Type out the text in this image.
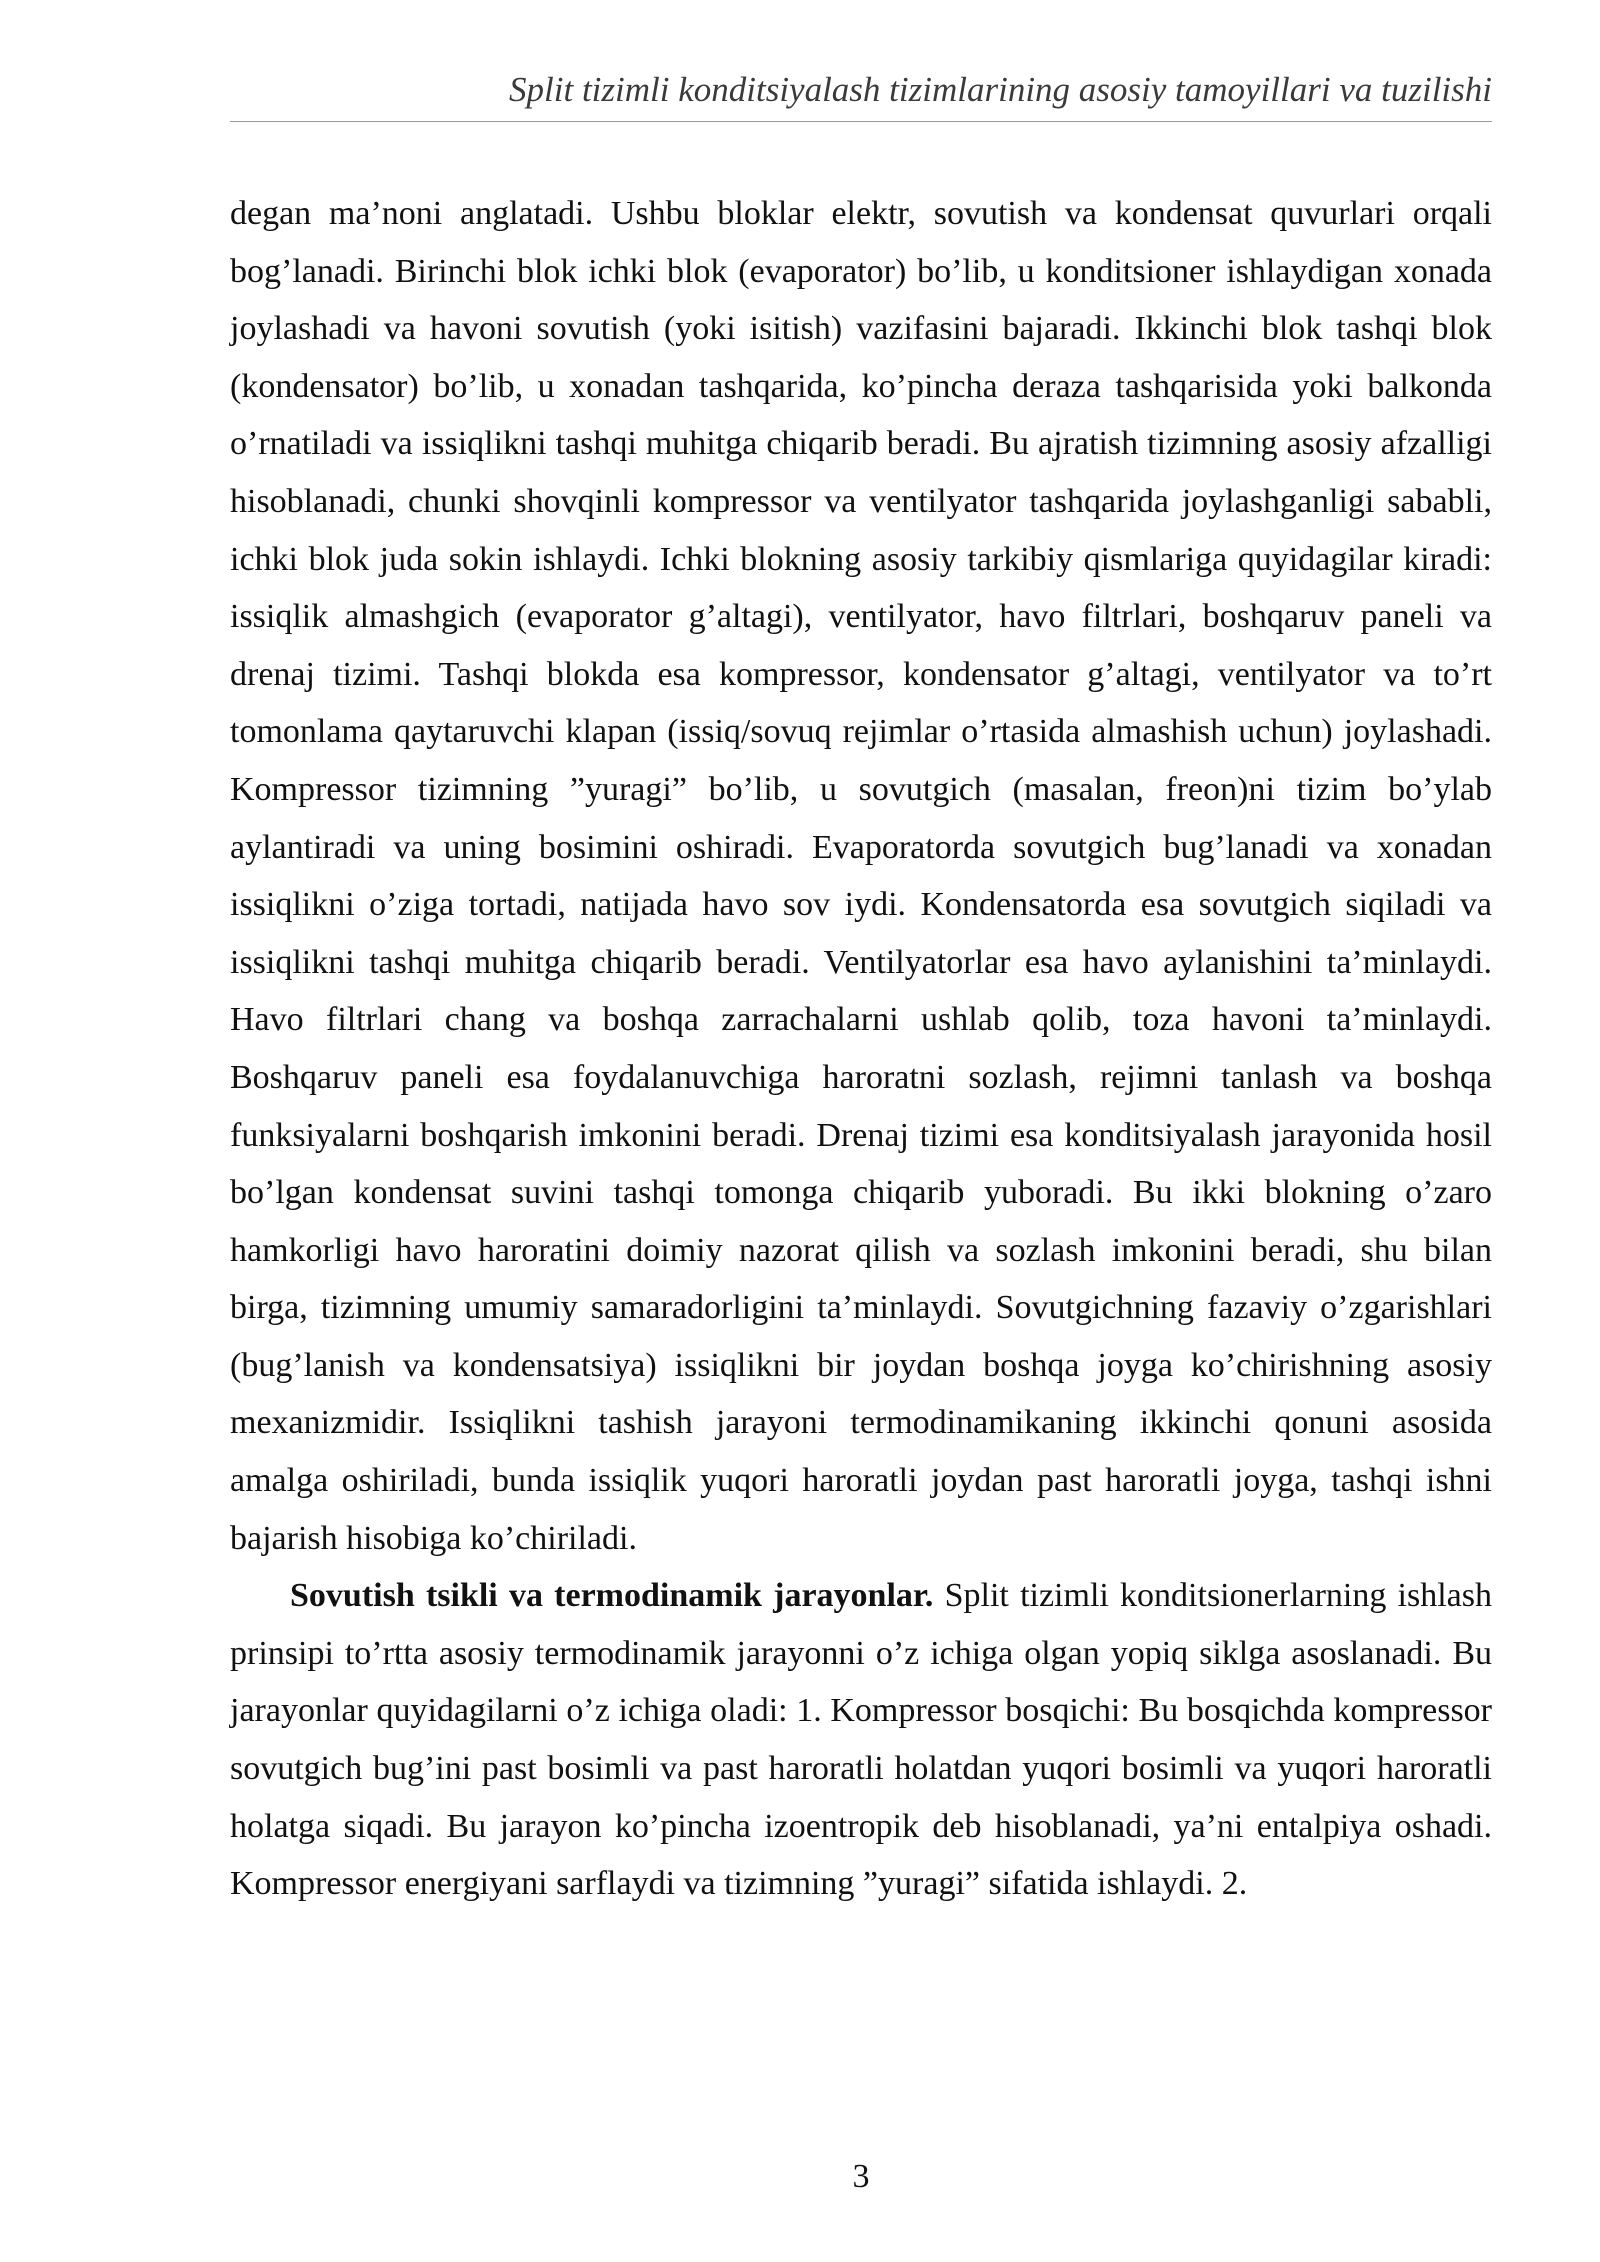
Split tizimli konditsiyalash tizimlarining asosiy tamoyillari va tuzilishi

degan ma’noni anglatadi. Ushbu bloklar elektr, sovutish va kondensat quvurlari orqali bog’lanadi. Birinchi blok ichki blok (evaporator) bo’lib, u konditsioner ishlaydigan xonada joylashadi va havoni sovutish (yoki isitish) vazifasini bajaradi. Ikkinchi blok tashqi blok (kondensator) bo’lib, u xonadan tashqarida, ko’pincha deraza tashqarisida yoki balkonda o’rnatiladi va issiqlikni tashqi muhitga chiqarib beradi. Bu ajratish tizimning asosiy afzalligi hisoblanadi, chunki shovqinli kompressor va ventilyator tashqarida joylashganligi sababli, ichki blok juda sokin ishlaydi. Ichki blokning asosiy tarkibiy qismlariga quyidagilar kiradi: issiqlik almashgich (evaporator g’altagi), ventilyator, havo filtrlari, boshqaruv paneli va drenaj tizimi. Tashqi blokda esa kompressor, kondensator g’altagi, ventilyator va to’rt tomonlama qaytaruvchi klapan (issiq/sovuq rejimlar o’rtasida almashish uchun) joylashadi. Kompressor tizimning ”yuragi” bo’lib, u sovutgich (masalan, freon)ni tizim bo’ylab aylantiradi va uning bosimini oshiradi. Evaporatorda sovutgich bug’lanadi va xonadan issiqlikni o’ziga tortadi, natijada havo sov iydi. Kondensatorda esa sovutgich siqiladi va issiqlikni tashqi muhitga chiqarib beradi. Ventilyatorlar esa havo aylanishini ta’minlaydi. Havo filtrlari chang va boshqa zarrachalarni ushlab qolib, toza havoni ta’minlaydi. Boshqaruv paneli esa foydalanuvchiga haroratni sozlash, rejimni tanlash va boshqa funksiyalarni boshqarish imkonini beradi. Drenaj tizimi esa konditsiyalash jarayonida hosil bo’lgan kondensat suvini tashqi tomonga chiqarib yuboradi. Bu ikki blokning o’zaro hamkorligi havo haroratini doimiy nazorat qilish va sozlash imkonini beradi, shu bilan birga, tizimning umumiy samaradorligini ta’minlaydi. Sovutgichning fazaviy o’zgarishlari (bug’lanish va kondensatsiya) issiqlikni bir joydan boshqa joyga ko’chirishning asosiy mexanizmidir. Issiqlikni tashish jarayoni termodinamikaning ikkinchi qonuni asosida amalga oshiriladi, bunda issiqlik yuqori haroratli joydan past haroratli joyga, tashqi ishni bajarish hisobiga ko’chiriladi.

Sovutish tsikli va termodinamik jarayonlar. Split tizimli konditsionerlarning ishlash prinsipi to’rtta asosiy termodinamik jarayonni o’z ichiga olgan yopiq siklga asoslanadi. Bu jarayonlar quyidagilarni o’z ichiga oladi: 1. Kompressor bosqichi: Bu bosqichda kompressor sovutgich bug’ini past bosimli va past haroratli holatdan yuqori bosimli va yuqori haroratli holatga siqadi. Bu jarayon ko’pincha izoentropik deb hisoblanadi, ya’ni entalpiya oshadi. Kompressor energiyani sarflaydi va tizimning ”yuragi” sifatida ishlaydi. 2.

3
